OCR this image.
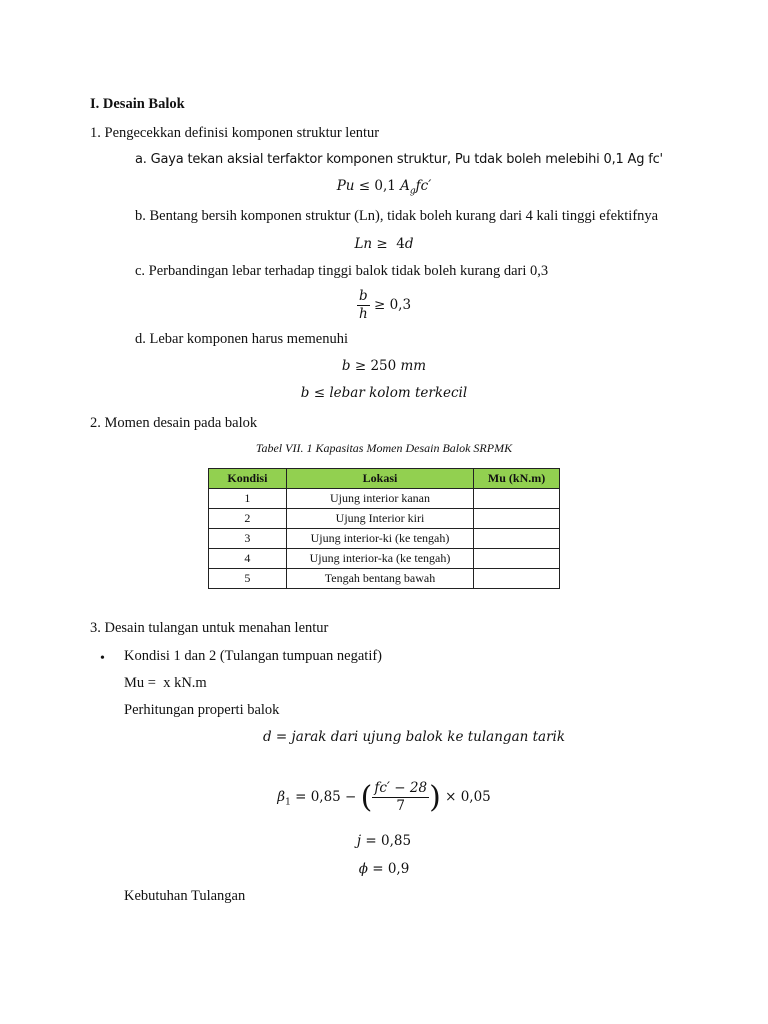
I. Desain Balok
1. Pengecekkan definisi komponen struktur lentur
a. Gaya tekan aksial terfaktor komponen struktur, Pu tdak boleh melebihi 0,1 Ag fc'
Pu ≤ 0,1 $A_gfc'$
b. Bentang bersih komponen struktur (Ln), tidak boleh kurang dari 4 kali tinggi efektifnya
Ln ≥  4d
c. Perbandingan lebar terhadap tinggi balok tidak boleh kurang dari 0,3
$\frac{b}{h} \ge 0,3$
d. Lebar komponen harus memenuhi
b ≥ 250 mm
b ≤ lebar kolom terkecil
2. Momen desain pada balok
Tabel VII. 1 Kapasitas Momen Desain Balok SRPMK
Kondisi	Lokasi	Mu (kN.m)
1	Ujung interior kanan	
2	Ujung Interior kiri	
3	Ujung interior-ki (ke tengah)	
4	Ujung interior-ka (ke tengah)	
5	Tengah bentang bawah	
3. Desain tulangan untuk menahan lentur
• Kondisi 1 dan 2 (Tulangan tumpuan negatif)
Mu =  x kN.m
Perhitungan properti balok
d = jarak dari ujung balok ke tulangan tarik
$\beta_1 = 0,85$ − ( $\frac{fc' - 28}{7}$ ) × 0,05
j = 0,85
ϕ = 0,9
Kebutuhan Tulangan
